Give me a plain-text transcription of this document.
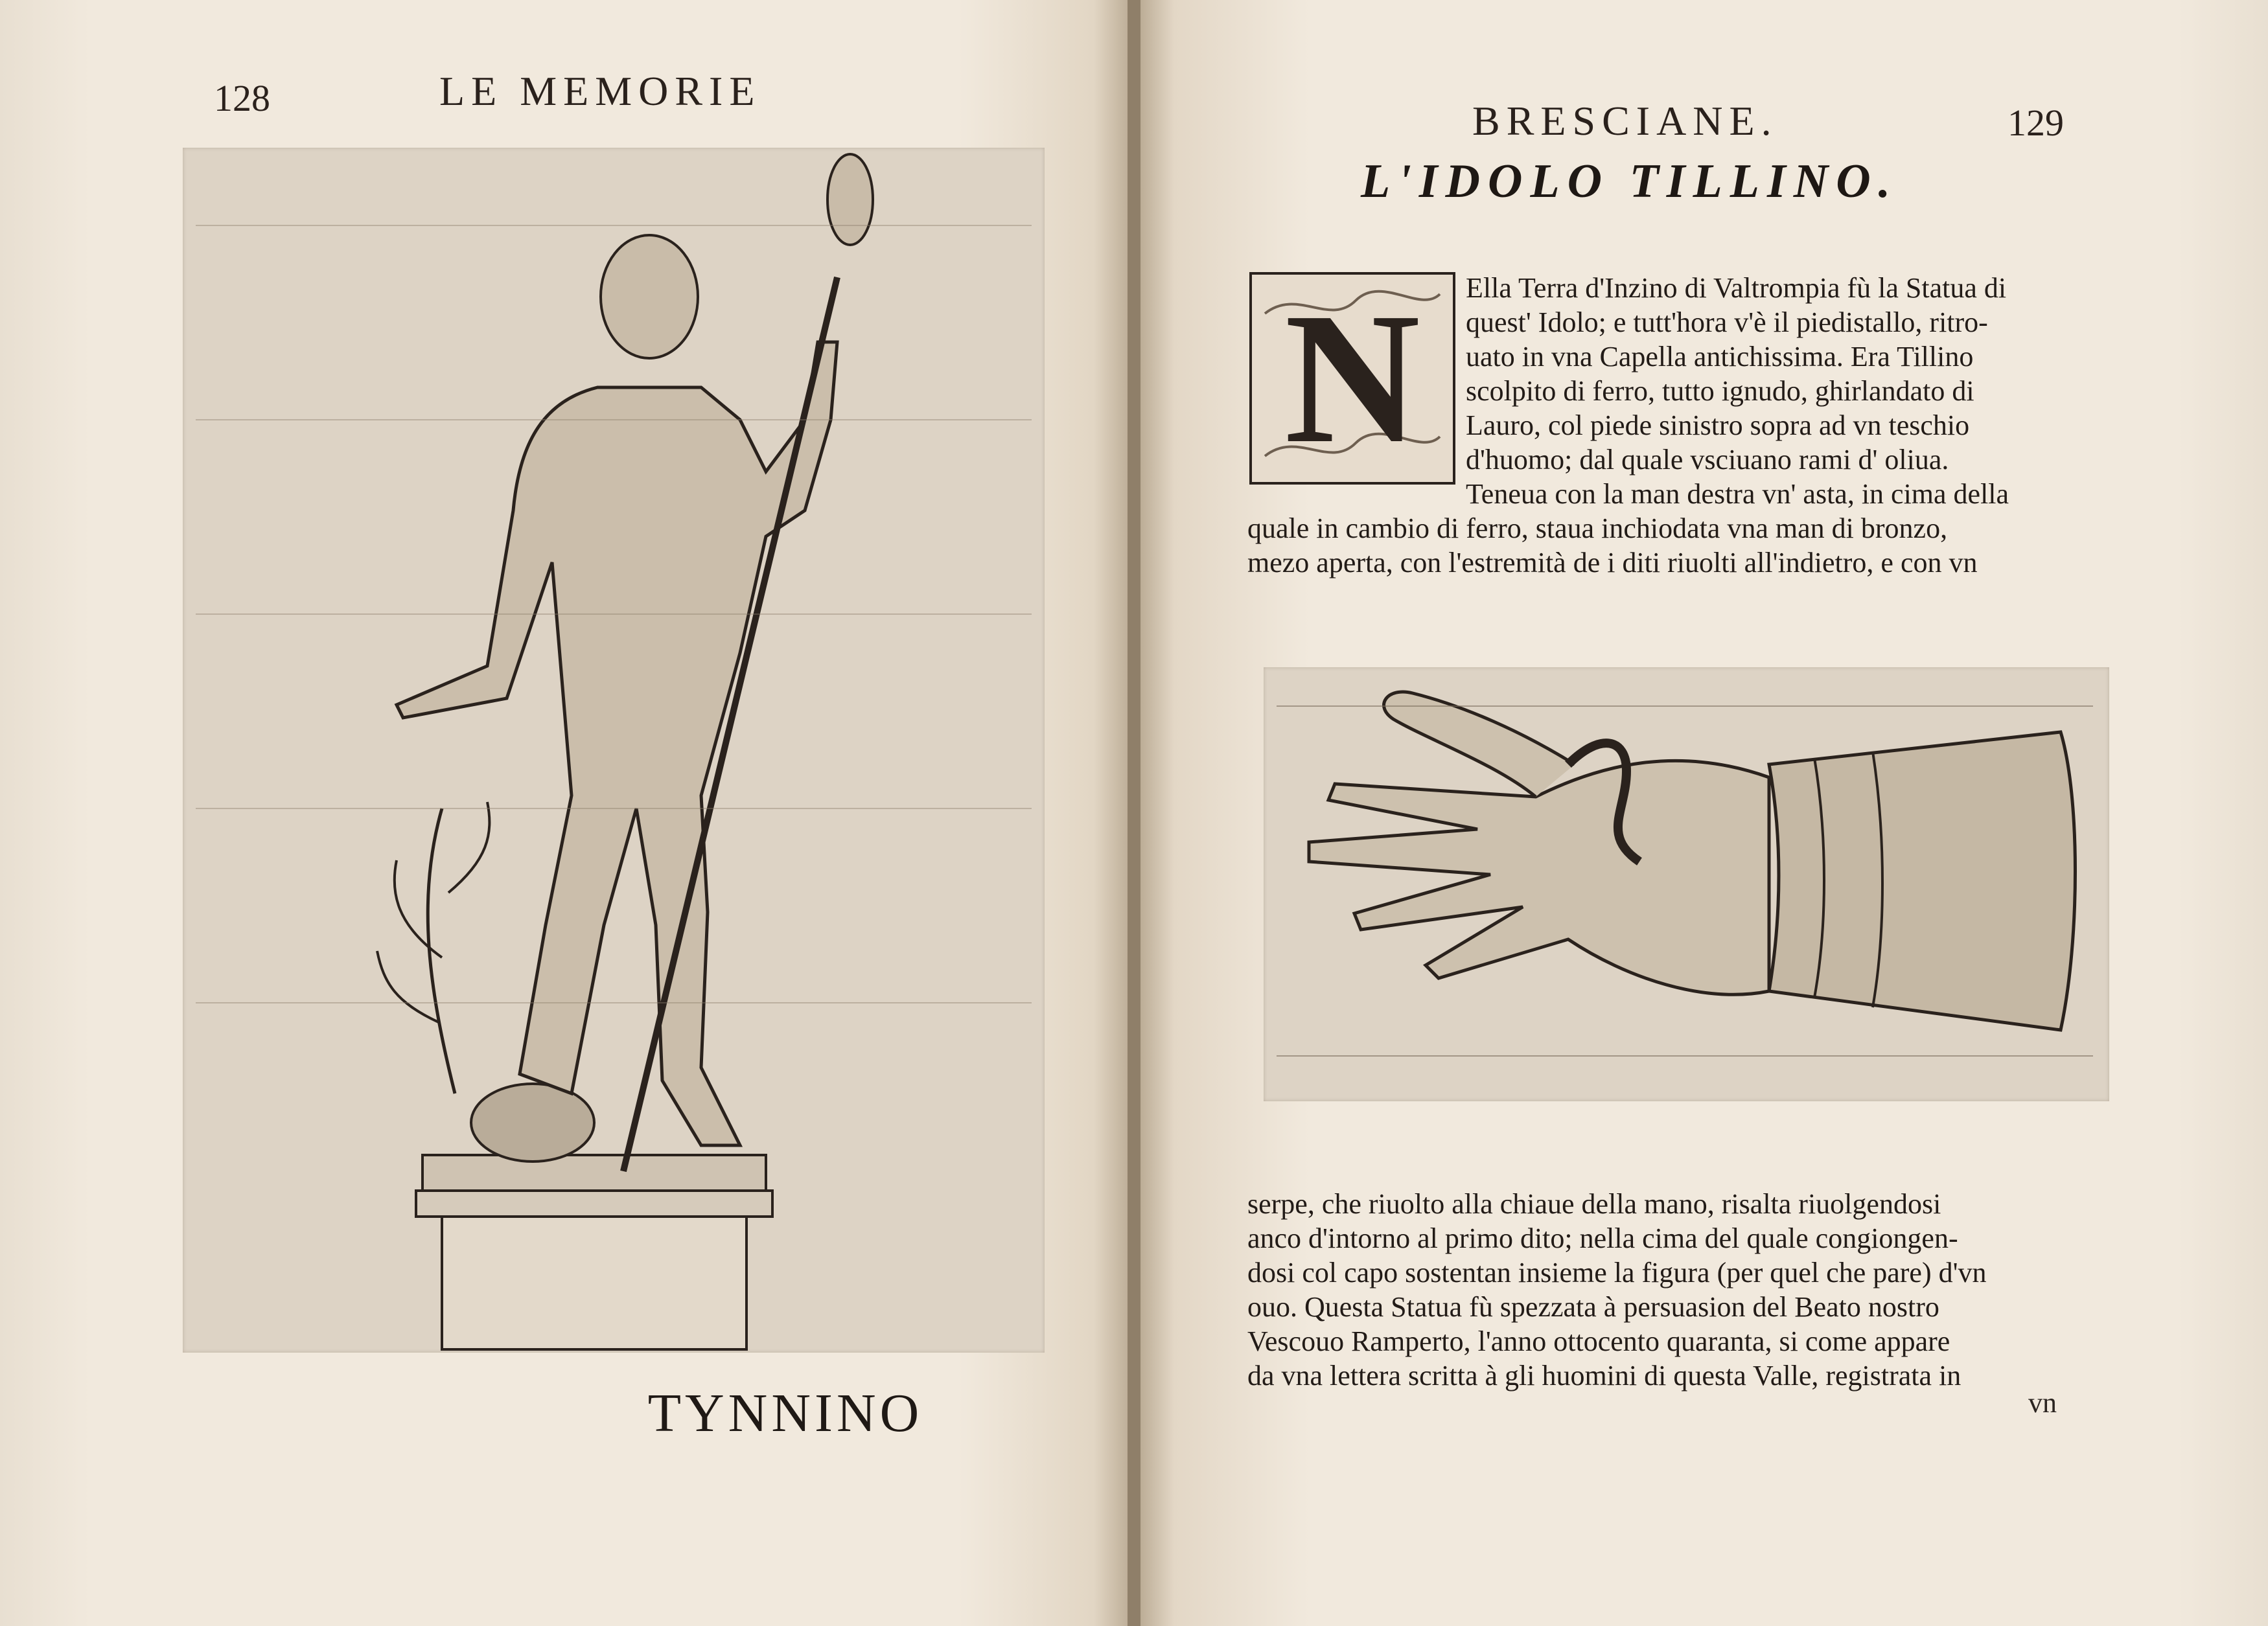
128	LE MEMORIE
TYNNINO
BRESCIANE.	129
L'IDOLO TILLINO.
N	Ella Terra d'Inzino di Valtrompia fù la Statua di
quest' Idolo; e tutt'hora v'è il piedistallo, ritro-
uato in vna Capella antichissima. Era Tillino
scolpito di ferro, tutto ignudo, ghirlandato di
Lauro, col piede sinistro sopra ad vn teschio
d'huomo; dal quale vsciuano rami d' oliua.
Teneua con la man destra vn' asta, in cima della
quale in cambio di ferro, staua inchiodata vna man di bronzo,
mezo aperta, con l'estremità de i diti riuolti all'indietro, e con vn
serpe, che riuolto alla chiaue della mano, risalta riuolgendosi
anco d'intorno al primo dito; nella cima del quale congiongen-
dosi col capo sostentan insieme la figura (per quel che pare) d'vn
ouo. Questa Statua fù spezzata à persuasion del Beato nostro
Vescouo Ramperto, l'anno ottocento quaranta, si come appare
da vna lettera scritta à gli huomini di questa Valle, registrata in
vn
